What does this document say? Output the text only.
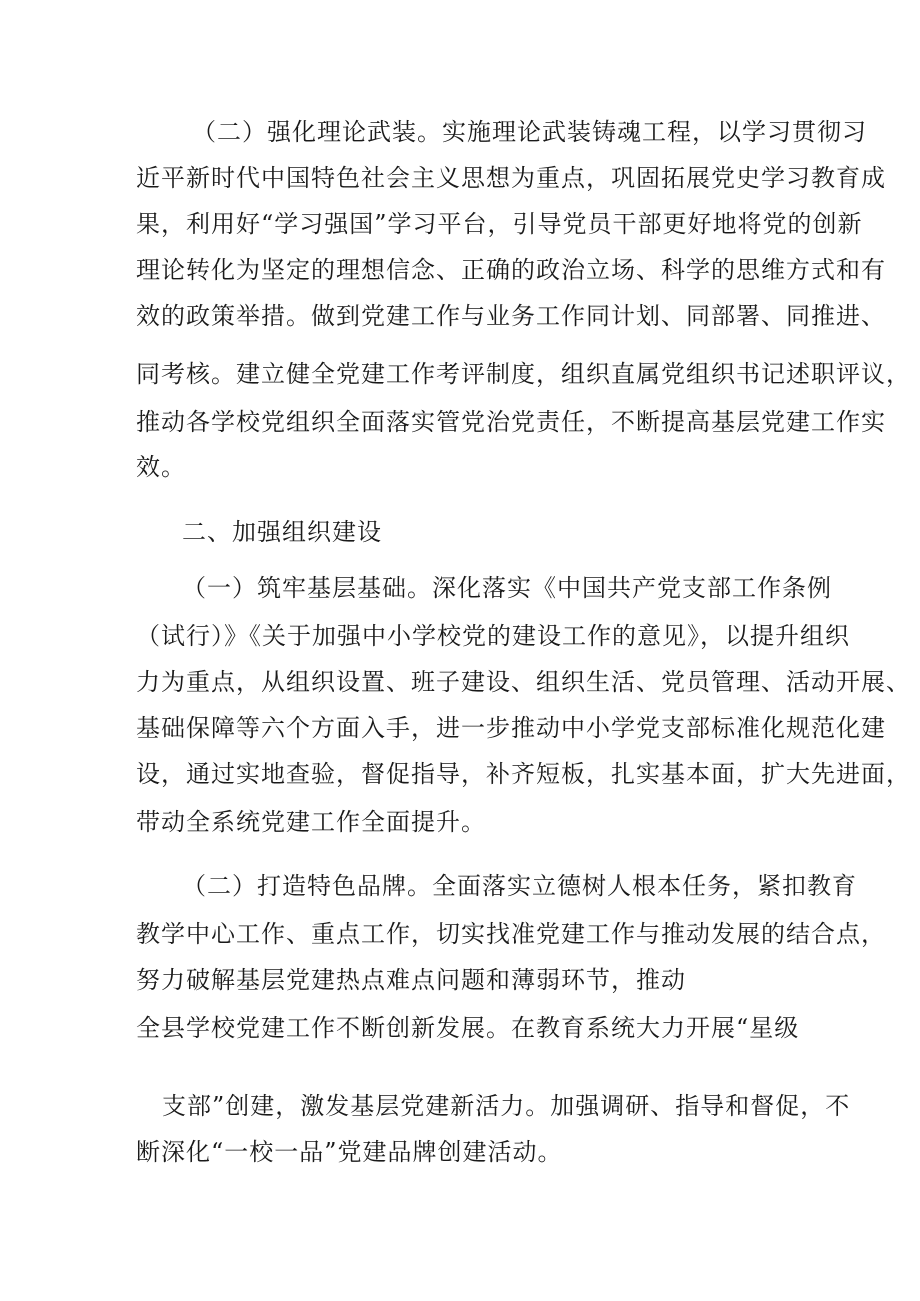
（二）强化理论武装。实施理论武装铸魂工程，以学习贯彻习
近平新时代中国特色社会主义思想为重点，巩固拓展党史学习教育成
果，利用好“学习强国”学习平台，引导党员干部更好地将党的创新
理论转化为坚定的理想信念、正确的政治立场、科学的思维方式和有
效的政策举措。做到党建工作与业务工作同计划、同部署、同推进、
同考核。建立健全党建工作考评制度，组织直属党组织书记述职评议，
推动各学校党组织全面落实管党治党责任，不断提高基层党建工作实
效。
二、加强组织建设
（一）筑牢基层基础。深化落实《中国共产党支部工作条例
（试行）》《关于加强中小学校党的建设工作的意见》，以提升组织
力为重点，从组织设置、班子建设、组织生活、党员管理、活动开展、
基础保障等六个方面入手，进一步推动中小学党支部标准化规范化建
设，通过实地查验，督促指导，补齐短板，扎实基本面，扩大先进面，
带动全系统党建工作全面提升。
（二）打造特色品牌。全面落实立德树人根本任务，紧扣教育
教学中心工作、重点工作，切实找准党建工作与推动发展的结合点，
努力破解基层党建热点难点问题和薄弱环节，推动
全县学校党建工作不断创新发展。在教育系统大力开展“星级
支部”创建，激发基层党建新活力。加强调研、指导和督促，不
断深化“一校一品”党建品牌创建活动。
